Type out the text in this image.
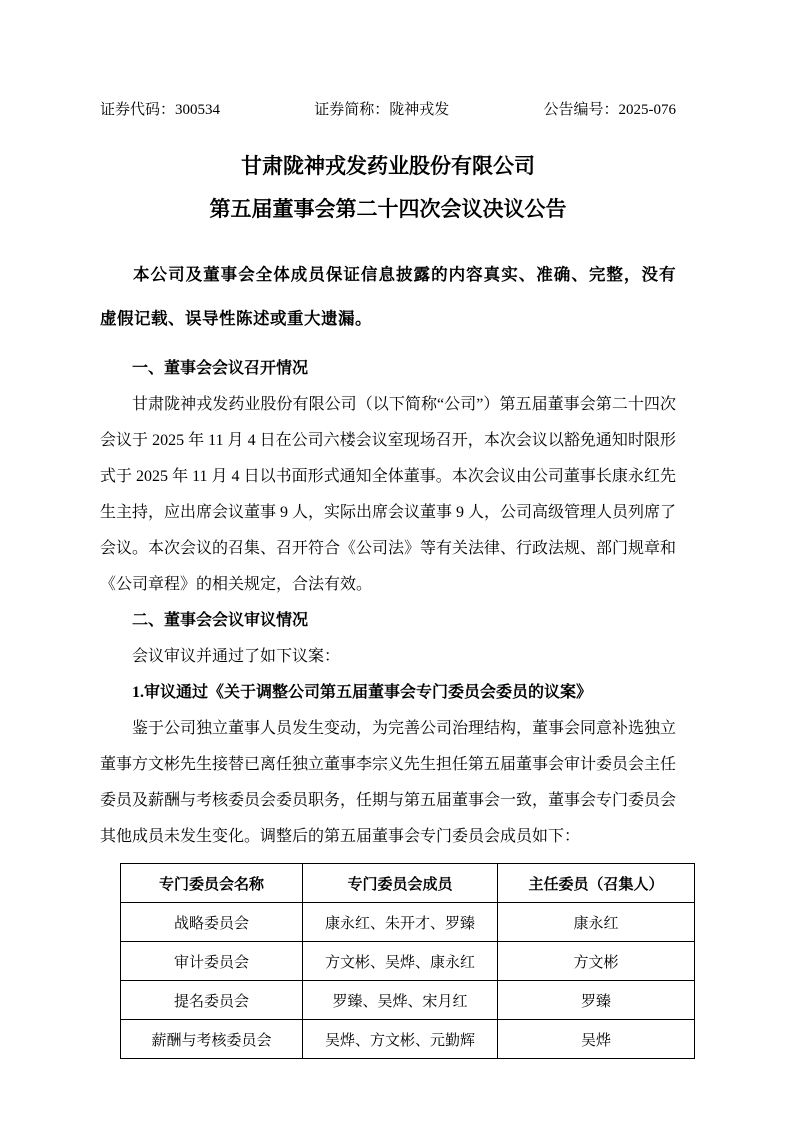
证券代码：300534	证券简称：陇神戎发	公告编号：2025-076
甘肃陇神戎发药业股份有限公司
第五届董事会第二十四次会议决议公告

本公司及董事会全体成员保证信息披露的内容真实、准确、完整，没有虚假记载、误导性陈述或重大遗漏。

一、董事会会议召开情况

甘肃陇神戎发药业股份有限公司（以下简称“公司”）第五届董事会第二十四次会议于 2025 年 11 月 4 日在公司六楼会议室现场召开，本次会议以豁免通知时限形式于 2025 年 11 月 4 日以书面形式通知全体董事。本次会议由公司董事长康永红先生主持，应出席会议董事 9 人，实际出席会议董事 9 人，公司高级管理人员列席了会议。本次会议的召集、召开符合《公司法》等有关法律、行政法规、部门规章和《公司章程》的相关规定，合法有效。

二、董事会会议审议情况

会议审议并通过了如下议案：

1.审议通过《关于调整公司第五届董事会专门委员会委员的议案》

鉴于公司独立董事人员发生变动，为完善公司治理结构，董事会同意补选独立董事方文彬先生接替已离任独立董事李宗义先生担任第五届董事会审计委员会主任委员及薪酬与考核委员会委员职务，任期与第五届董事会一致，董事会专门委员会其他成员未发生变化。调整后的第五届董事会专门委员会成员如下：

专门委员会名称	专门委员会成员	主任委员（召集人）
战略委员会	康永红、朱开才、罗臻	康永红
审计委员会	方文彬、吴烨、康永红	方文彬
提名委员会	罗臻、吴烨、宋月红	罗臻
薪酬与考核委员会	吴烨、方文彬、元勤辉	吴烨
